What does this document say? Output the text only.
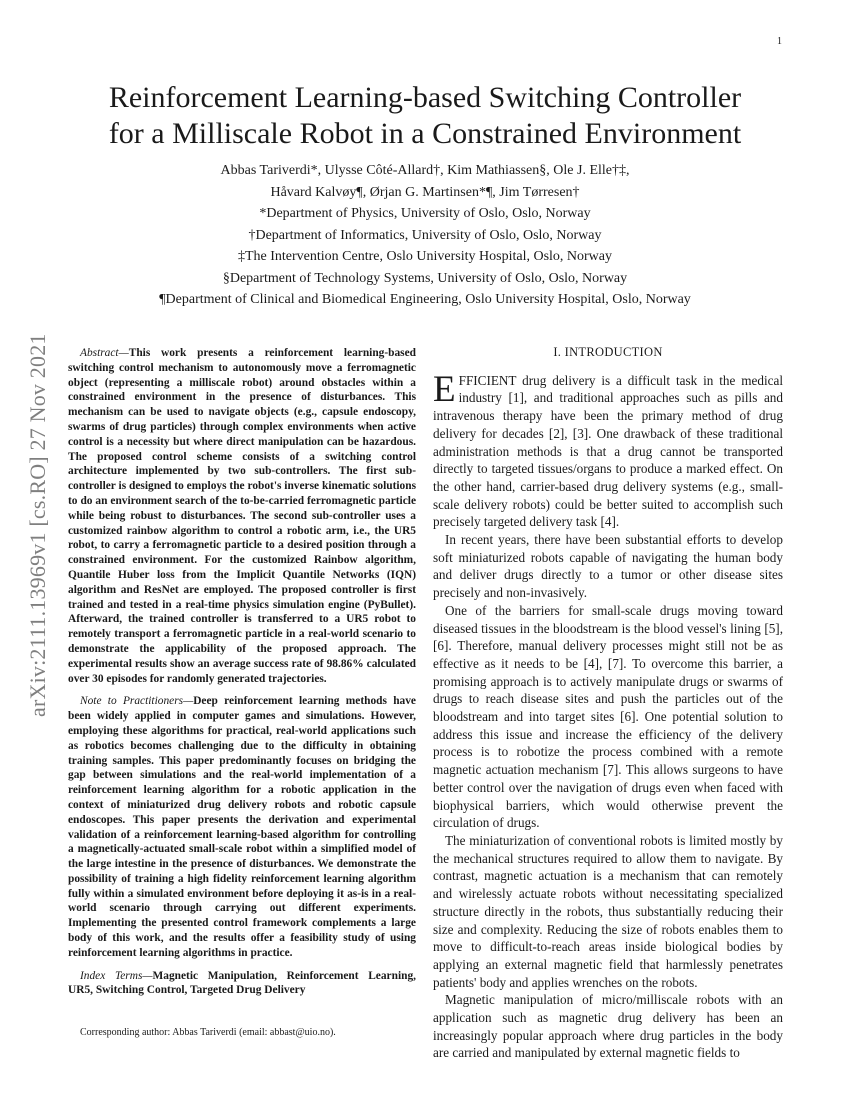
1
arXiv:2111.13969v1 [cs.RO] 27 Nov 2021
Reinforcement Learning-based Switching Controller
for a Milliscale Robot in a Constrained Environment
Abbas Tariverdi*, Ulysse Côté-Allard†, Kim Mathiassen§, Ole J. Elle†‡,
Håvard Kalvøy¶, Ørjan G. Martinsen*¶, Jim Tørresen†
*Department of Physics, University of Oslo, Oslo, Norway
†Department of Informatics, University of Oslo, Oslo, Norway
‡The Intervention Centre, Oslo University Hospital, Oslo, Norway
§Department of Technology Systems, University of Oslo, Oslo, Norway
¶Department of Clinical and Biomedical Engineering, Oslo University Hospital, Oslo, Norway

Abstract—This work presents a reinforcement learning-based switching control mechanism to autonomously move a ferromagnetic object (representing a milliscale robot) around obstacles within a constrained environment in the presence of disturbances. This mechanism can be used to navigate objects (e.g., capsule endoscopy, swarms of drug particles) through complex environments when active control is a necessity but where direct manipulation can be hazardous. The proposed control scheme consists of a switching control architecture implemented by two sub-controllers. The first sub-controller is designed to employs the robot's inverse kinematic solutions to do an environment search of the to-be-carried ferromagnetic particle while being robust to disturbances. The second sub-controller uses a customized rainbow algorithm to control a robotic arm, i.e., the UR5 robot, to carry a ferromagnetic particle to a desired position through a constrained environment. For the customized Rainbow algorithm, Quantile Huber loss from the Implicit Quantile Networks (IQN) algorithm and ResNet are employed. The proposed controller is first trained and tested in a real-time physics simulation engine (PyBullet). Afterward, the trained controller is transferred to a UR5 robot to remotely transport a ferromagnetic particle in a real-world scenario to demonstrate the applicability of the proposed approach. The experimental results show an average success rate of 98.86% calculated over 30 episodes for randomly generated trajectories.

Note to Practitioners—Deep reinforcement learning methods have been widely applied in computer games and simulations. However, employing these algorithms for practical, real-world applications such as robotics becomes challenging due to the difficulty in obtaining training samples. This paper predominantly focuses on bridging the gap between simulations and the real-world implementation of a reinforcement learning algorithm for a robotic application in the context of miniaturized drug delivery robots and robotic capsule endoscopes. This paper presents the derivation and experimental validation of a reinforcement learning-based algorithm for controlling a magnetically-actuated small-scale robot within a simplified model of the large intestine in the presence of disturbances. We demonstrate the possibility of training a high fidelity reinforcement learning algorithm fully within a simulated environment before deploying it as-is in a real-world scenario through carrying out different experiments. Implementing the presented control framework complements a large body of this work, and the results offer a feasibility study of using reinforcement learning algorithms in practice.

Index Terms—Magnetic Manipulation, Reinforcement Learning, UR5, Switching Control, Targeted Drug Delivery

Corresponding author: Abbas Tariverdi (email: abbast@uio.no).
I. INTRODUCTION

EFFICIENT drug delivery is a difficult task in the medical industry [1], and traditional approaches such as pills and intravenous therapy have been the primary method of drug delivery for decades [2], [3]. One drawback of these traditional administration methods is that a drug cannot be transported directly to targeted tissues/organs to produce a marked effect. On the other hand, carrier-based drug delivery systems (e.g., small-scale delivery robots) could be better suited to accomplish such precisely targeted delivery task [4].

In recent years, there have been substantial efforts to develop soft miniaturized robots capable of navigating the human body and deliver drugs directly to a tumor or other disease sites precisely and non-invasively.

One of the barriers for small-scale drugs moving toward diseased tissues in the bloodstream is the blood vessel's lining [5], [6]. Therefore, manual delivery processes might still not be as effective as it needs to be [4], [7]. To overcome this barrier, a promising approach is to actively manipulate drugs or swarms of drugs to reach disease sites and push the particles out of the bloodstream and into target sites [6]. One potential solution to address this issue and increase the efficiency of the delivery process is to robotize the process combined with a remote magnetic actuation mechanism [7]. This allows surgeons to have better control over the navigation of drugs even when faced with biophysical barriers, which would otherwise prevent the circulation of drugs.

The miniaturization of conventional robots is limited mostly by the mechanical structures required to allow them to navigate. By contrast, magnetic actuation is a mechanism that can remotely and wirelessly actuate robots without necessitating specialized structure directly in the robots, thus substantially reducing their size and complexity. Reducing the size of robots enables them to move to difficult-to-reach areas inside biological bodies by applying an external magnetic field that harmlessly penetrates patients' body and applies wrenches on the robots.

Magnetic manipulation of micro/milliscale robots with an application such as magnetic drug delivery has been an increasingly popular approach where drug particles in the body are carried and manipulated by external magnetic fields to
